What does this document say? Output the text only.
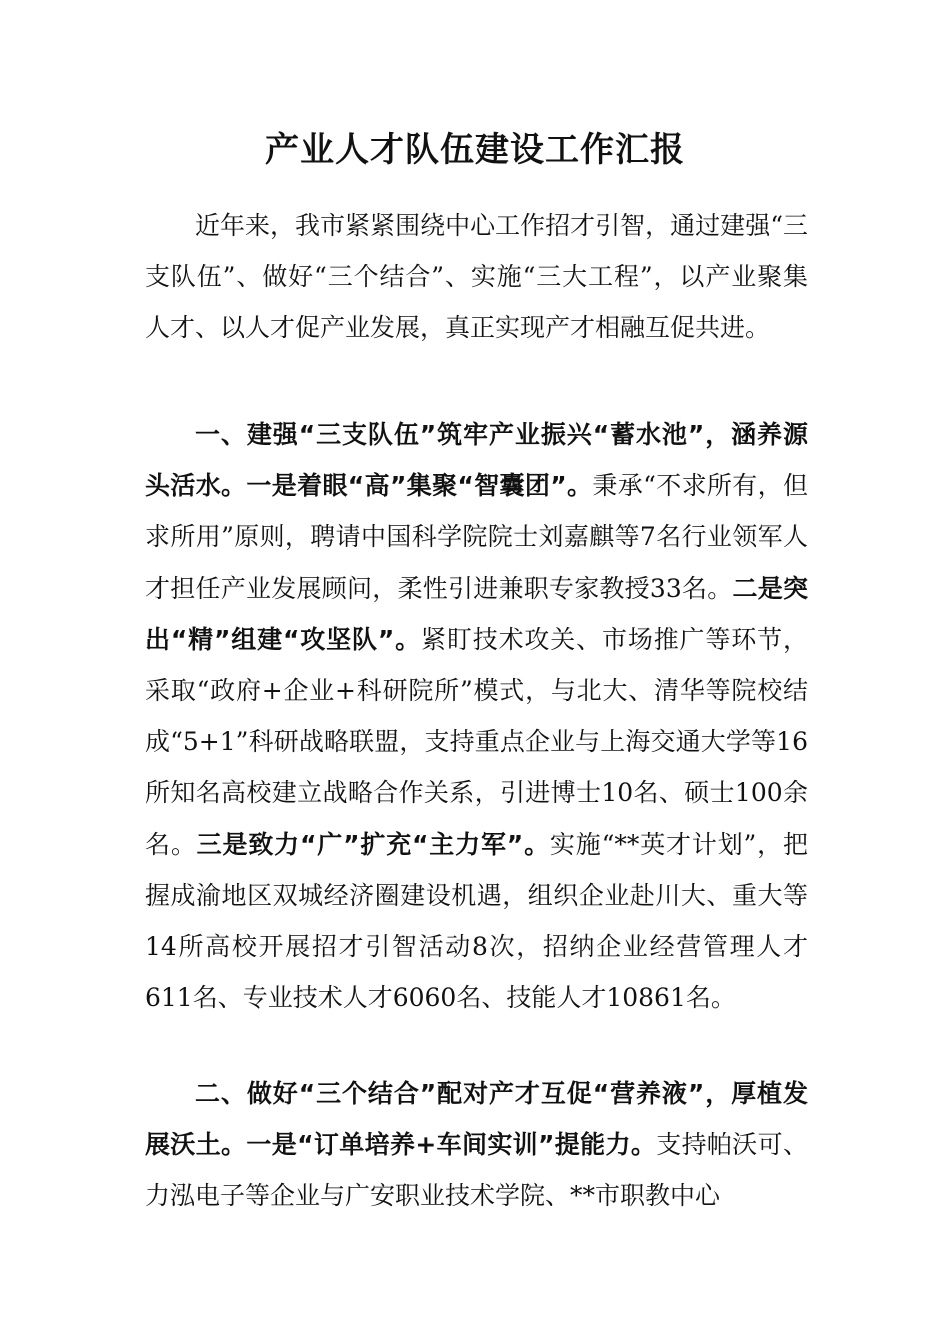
产业人才队伍建设工作汇报

近年来，我市紧紧围绕中心工作招才引智，通过建强“三支队伍”、做好“三个结合”、实施“三大工程”，以产业聚集人才、以人才促产业发展，真正实现产才相融互促共进。

一、建强“三支队伍”筑牢产业振兴“蓄水池”，涵养源头活水。一是着眼“高”集聚“智囊团”。秉承“不求所有，但求所用”原则，聘请中国科学院院士刘嘉麒等7名行业领军人才担任产业发展顾问，柔性引进兼职专家教授33名。二是突出“精”组建“攻坚队”。紧盯技术攻关、市场推广等环节，采取“政府+企业+科研院所”模式，与北大、清华等院校结成“5+1”科研战略联盟，支持重点企业与上海交通大学等16所知名高校建立战略合作关系，引进博士10名、硕士100余名。三是致力“广”扩充“主力军”。实施“**英才计划”，把握成渝地区双城经济圈建设机遇，组织企业赴川大、重大等14所高校开展招才引智活动8次，招纳企业经营管理人才611名、专业技术人才6060名、技能人才10861名。

二、做好“三个结合”配对产才互促“营养液”，厚植发展沃土。一是“订单培养+车间实训”提能力。支持帕沃可、力泓电子等企业与广安职业技术学院、**市职教中心
